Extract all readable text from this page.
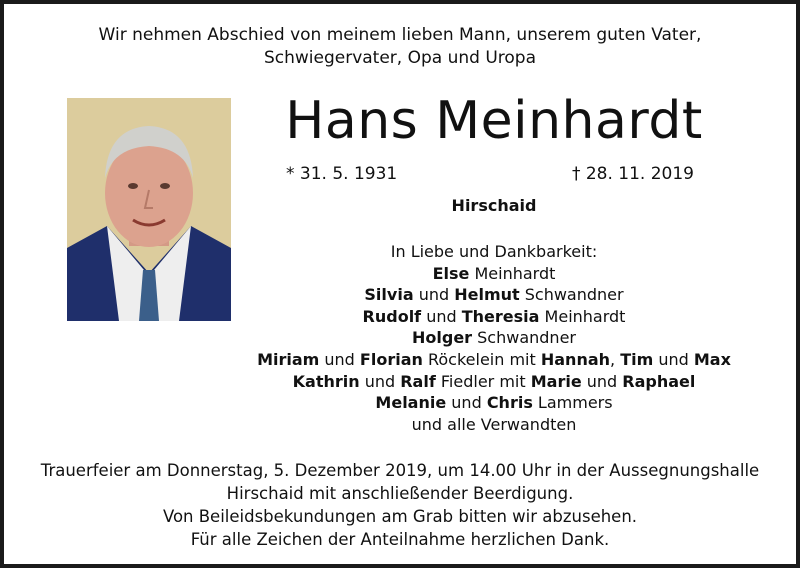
Wir nehmen Abschied von meinem lieben Mann, unserem guten Vater,
Schwiegervater, Opa und Uropa
Hans Meinhardt
* 31. 5. 1931	† 28. 11. 2019
Hirschaid
In Liebe und Dankbarkeit:
Else Meinhardt
Silvia und Helmut Schwandner
Rudolf und Theresia Meinhardt
Holger Schwandner
Miriam und Florian Röckelein mit Hannah, Tim und Max
Kathrin und Ralf Fiedler mit Marie und Raphael
Melanie und Chris Lammers
und alle Verwandten
Trauerfeier am Donnerstag, 5. Dezember 2019, um 14.00 Uhr in der Aussegnungshalle
Hirschaid mit anschließender Beerdigung.
Von Beileidsbekundungen am Grab bitten wir abzusehen.
Für alle Zeichen der Anteilnahme herzlichen Dank.
